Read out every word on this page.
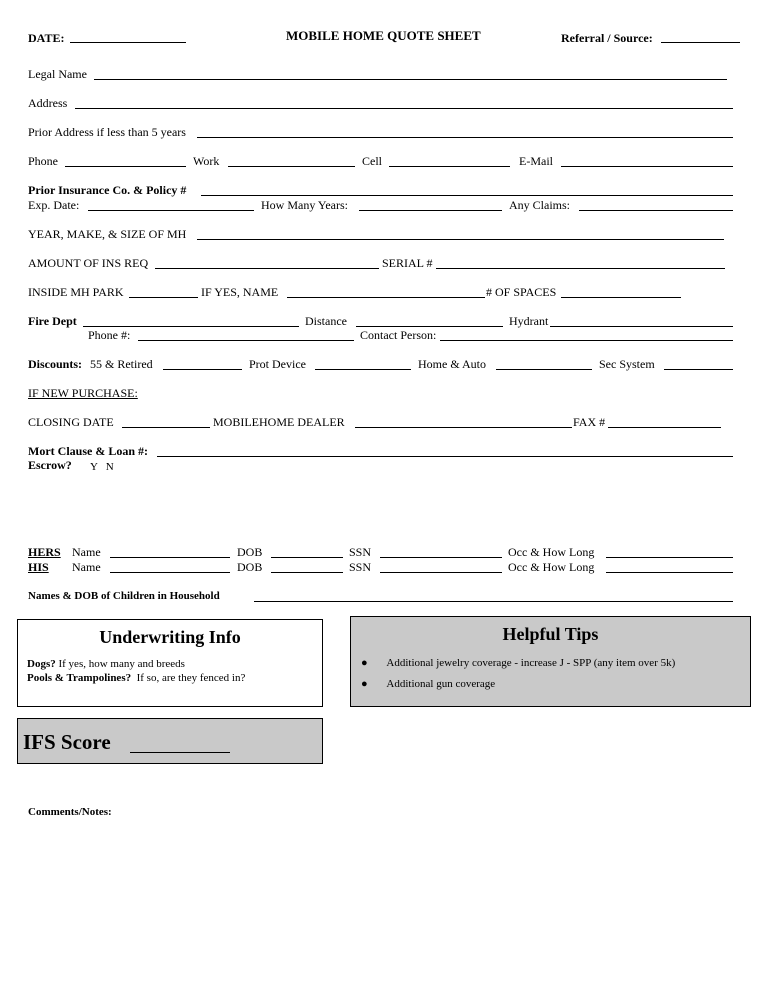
DATE:	MOBILE HOME QUOTE SHEET	Referral / Source:
Legal Name
Address
Prior Address if less than 5 years
Phone	Work	Cell	E-Mail
Prior Insurance Co. & Policy #
Exp. Date:	How Many Years:	Any Claims:
YEAR, MAKE, & SIZE OF MH
AMOUNT OF INS REQ	SERIAL #
INSIDE MH PARK	IF YES, NAME	# OF SPACES
Fire Dept	Distance	Hydrant
Phone #:	Contact Person:
Discounts: 55 & Retired	Prot Device	Home & Auto	Sec System
IF NEW PURCHASE:
CLOSING DATE	MOBILEHOME DEALER	FAX #
Mort Clause & Loan #:
Escrow? Y   N
HERS Name	DOB	SSN	Occ & How Long
HIS Name	DOB	SSN	Occ & How Long
Names & DOB of Children in Household
Underwriting Info
Dogs? If yes, how many and breeds
Pools & Trampolines? If so, are they fenced in?
Helpful Tips
● Additional jewelry coverage - increase J - SPP (any item over 5k)
● Additional gun coverage
IFS Score
Comments/Notes:
